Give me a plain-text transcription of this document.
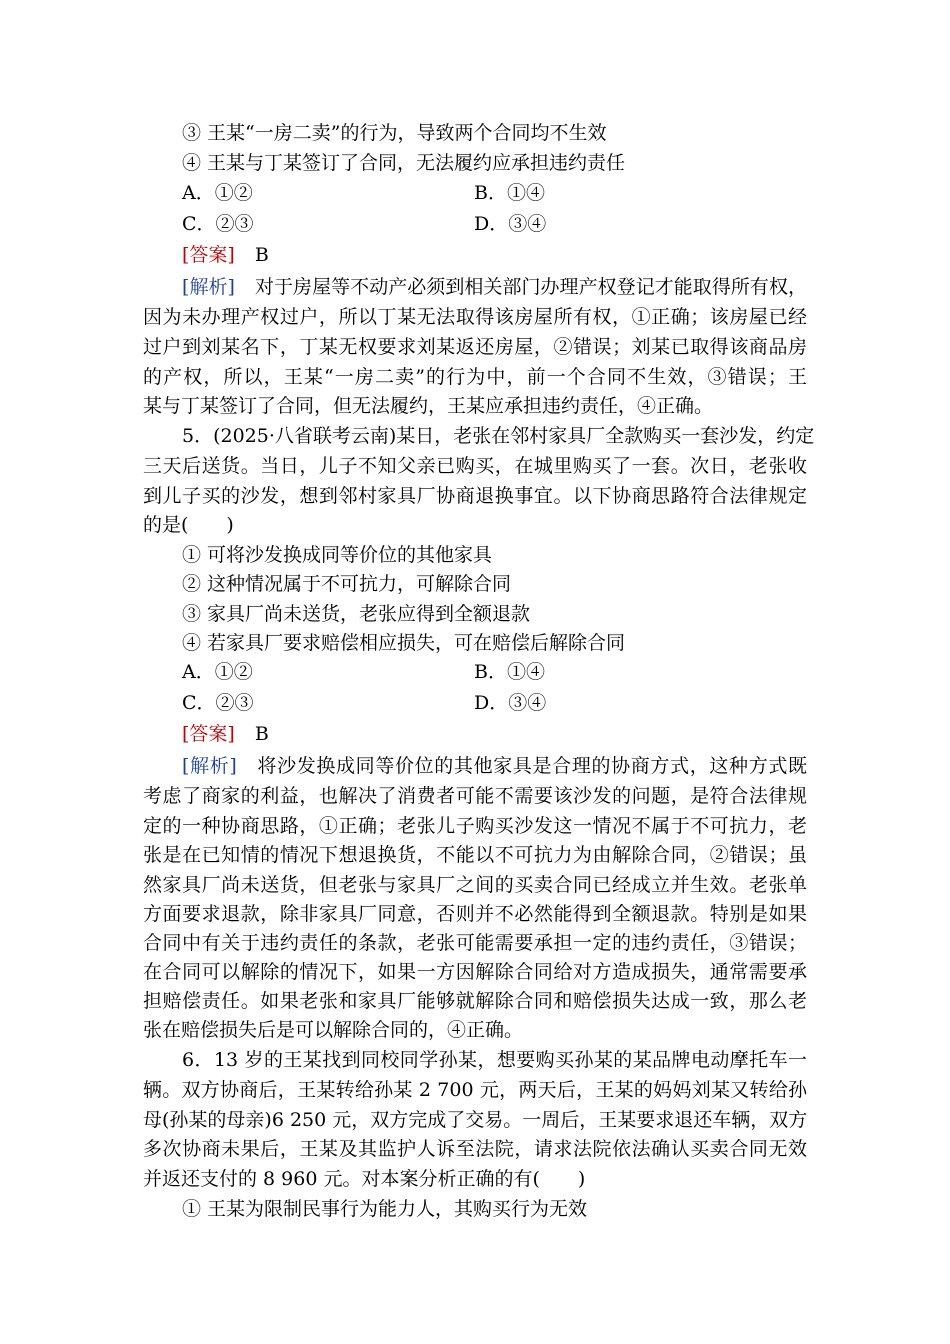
③ 王某“一房二卖”的行为，导致两个合同均不生效
④ 王某与丁某签订了合同，无法履约应承担违约责任
A．①②	B．①④
C．②③	D．③④
[答案] B
[解析] 对于房屋等不动产必须到相关部门办理产权登记才能取得所有权，
因为未办理产权过户，所以丁某无法取得该房屋所有权，①正确；该房屋已经
过户到刘某名下，丁某无权要求刘某返还房屋，②错误；刘某已取得该商品房
的产权，所以，王某“一房二卖”的行为中，前一个合同不生效，③错误；王
某与丁某签订了合同，但无法履约，王某应承担违约责任，④正确。
5．(2025·八省联考云南)某日，老张在邻村家具厂全款购买一套沙发，约定
三天后送货。当日，儿子不知父亲已购买，在城里购买了一套。次日，老张收
到儿子买的沙发，想到邻村家具厂协商退换事宜。以下协商思路符合法律规定
的是(　　)
① 可将沙发换成同等价位的其他家具
② 这种情况属于不可抗力，可解除合同
③ 家具厂尚未送货，老张应得到全额退款
④ 若家具厂要求赔偿相应损失，可在赔偿后解除合同
A．①②	B．①④
C．②③	D．③④
[答案] B
[解析] 将沙发换成同等价位的其他家具是合理的协商方式，这种方式既
考虑了商家的利益，也解决了消费者可能不需要该沙发的问题，是符合法律规
定的一种协商思路，①正确；老张儿子购买沙发这一情况不属于不可抗力，老
张是在已知情的情况下想退换货，不能以不可抗力为由解除合同，②错误；虽
然家具厂尚未送货，但老张与家具厂之间的买卖合同已经成立并生效。老张单
方面要求退款，除非家具厂同意，否则并不必然能得到全额退款。特别是如果
合同中有关于违约责任的条款，老张可能需要承担一定的违约责任，③错误；
在合同可以解除的情况下，如果一方因解除合同给对方造成损失，通常需要承
担赔偿责任。如果老张和家具厂能够就解除合同和赔偿损失达成一致，那么老
张在赔偿损失后是可以解除合同的，④正确。
6．13 岁的王某找到同校同学孙某，想要购买孙某的某品牌电动摩托车一
辆。双方协商后，王某转给孙某 2 700 元，两天后，王某的妈妈刘某又转给孙
母(孙某的母亲)6 250 元，双方完成了交易。一周后，王某要求退还车辆，双方
多次协商未果后，王某及其监护人诉至法院，请求法院依法确认买卖合同无效
并返还支付的 8 960 元。对本案分析正确的有(　　)
① 王某为限制民事行为能力人，其购买行为无效
